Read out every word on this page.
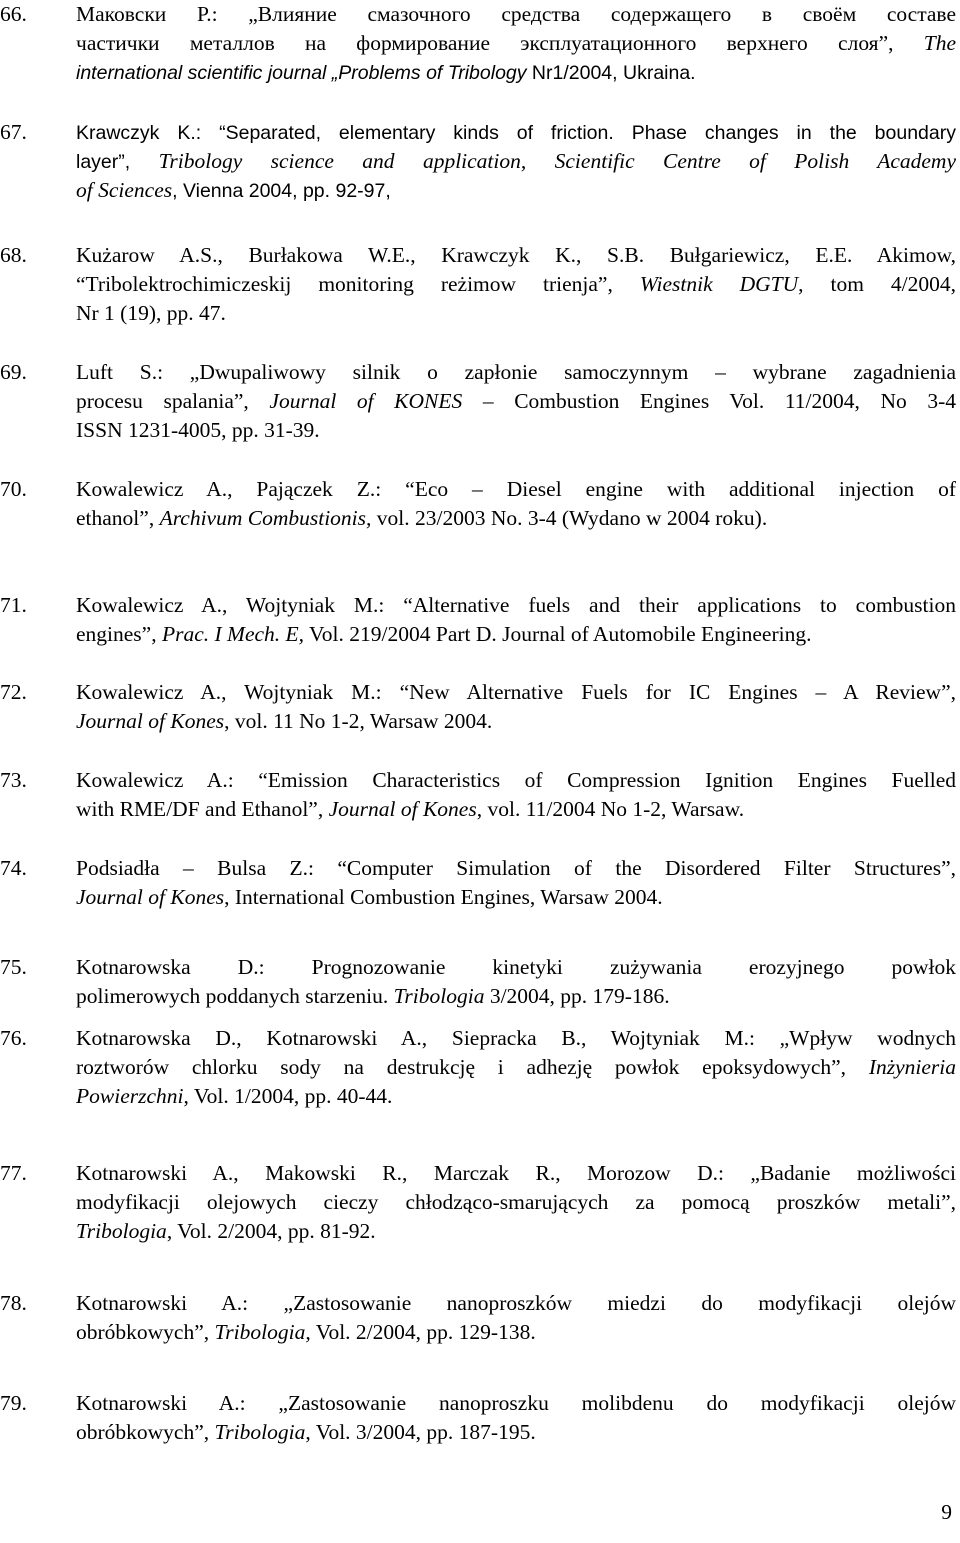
66. Маковски Р.: „Влияние смазочного средства содержащего в своём составе
частички металлов на формирование эксплуатационного верхнего слоя”, The
international scientific journal „Problems of Tribology Nr1/2004, Ukraina.
67.	Krawczyk K.: “Separated, elementary kinds of friction. Phase changes in the boundary
layer”, Tribology science and application, Scientific Centre of Polish Academy
of Sciences, Vienna 2004, pp. 92-97,
68. Kużarow A.S., Burłakowa W.E., Krawczyk K., S.B. Bułgariewicz, E.E. Akimow,
“Tribolektrochimiczeskij monitoring reżimow trienja”, Wiestnik DGTU, tom 4/2004,
Nr 1 (19), pp. 47.
69. Luft S.: „Dwupaliwowy silnik o zapłonie samoczynnym – wybrane zagadnienia
procesu spalania”, Journal of KONES – Combustion Engines Vol. 11/2004, No 3-4
ISSN 1231-4005, pp. 31-39.
70. Kowalewicz A., Pajączek Z.: “Eco – Diesel engine with additional injection of
ethanol”, Archivum Combustionis, vol. 23/2003 No. 3-4 (Wydano w 2004 roku).
71. Kowalewicz A., Wojtyniak M.: “Alternative fuels and their applications to combustion
engines”, Prac. I Mech. E, Vol. 219/2004 Part D. Journal of Automobile Engineering.
72. Kowalewicz A., Wojtyniak M.: “New Alternative Fuels for IC Engines – A Review”,
Journal of Kones, vol. 11 No 1-2, Warsaw 2004.
73. Kowalewicz A.: “Emission Characteristics of Compression Ignition Engines Fuelled
with RME/DF and Ethanol”, Journal of Kones, vol. 11/2004 No 1-2, Warsaw.
74. Podsiadła – Bulsa Z.: “Computer Simulation of the Disordered Filter Structures”,
Journal of Kones, International Combustion Engines, Warsaw 2004.
75. Kotnarowska D.: Prognozowanie kinetyki zużywania erozyjnego powłok
polimerowych poddanych starzeniu. Tribologia 3/2004, pp. 179-186.
76. Kotnarowska D., Kotnarowski A., Siepracka B., Wojtyniak M.: „Wpływ wodnych
roztworów chlorku sody na destrukcję i adhezję powłok epoksydowych”, Inżynieria
Powierzchni, Vol. 1/2004, pp. 40-44.
77. Kotnarowski A., Makowski R., Marczak R., Morozow D.: „Badanie możliwości
modyfikacji olejowych cieczy chłodząco-smarujących za pomocą proszków metali”,
Tribologia, Vol. 2/2004, pp. 81-92.
78. Kotnarowski A.: „Zastosowanie nanoproszków miedzi do modyfikacji olejów
obróbkowych”, Tribologia, Vol. 2/2004, pp. 129-138.
79. Kotnarowski A.: „Zastosowanie nanoproszku molibdenu do modyfikacji olejów
obróbkowych”, Tribologia, Vol. 3/2004, pp. 187-195.
9
